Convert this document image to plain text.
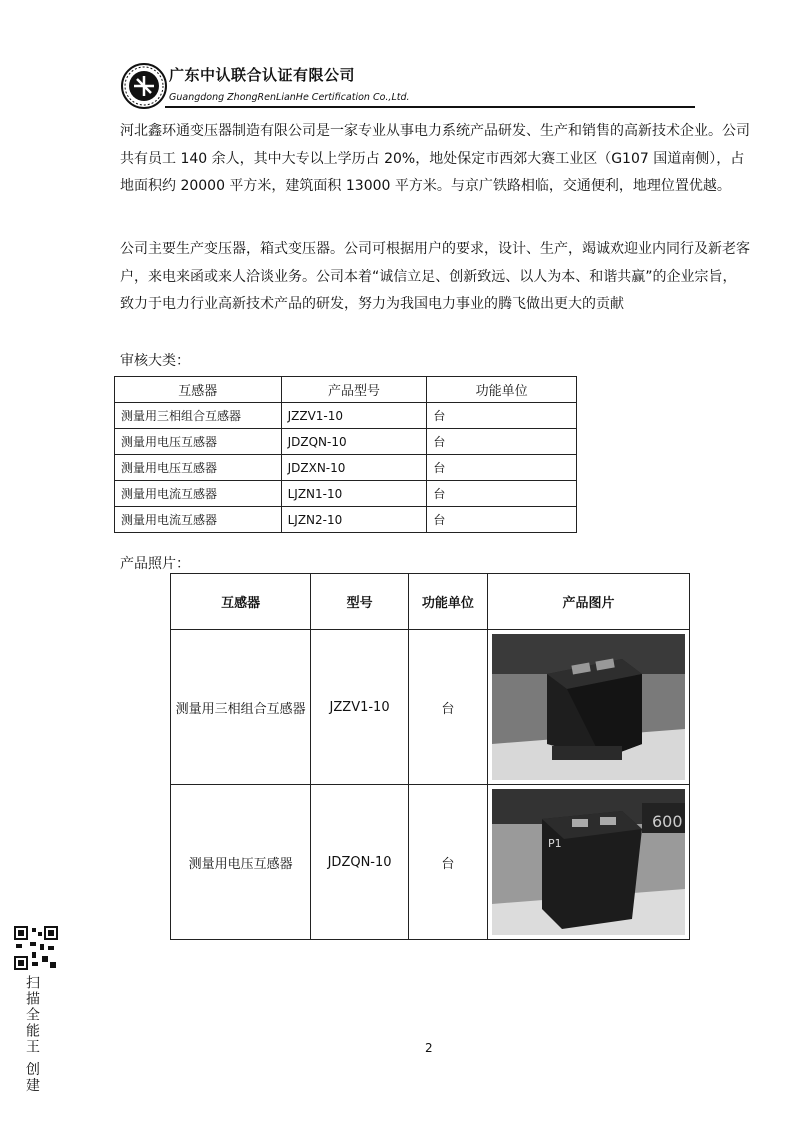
广东中认联合认证有限公司
Guangdong ZhongRenLianHe Certification Co.,Ltd.

河北鑫环通变压器制造有限公司是一家专业从事电力系统产品研发、生产和销售的高新技术企业。公司共有员工 140 余人，其中大专以上学历占 20%，地处保定市西郊大赛工业区（G107 国道南侧），占地面积约 20000 平方米，建筑面积 13000 平方米。与京广铁路相临，交通便利，地理位置优越。

公司主要生产变压器，箱式变压器。公司可根据用户的要求，设计、生产，竭诚欢迎业内同行及新老客户，来电来函或来人洽谈业务。公司本着“诚信立足、创新致远、以人为本、和谐共赢”的企业宗旨，致力于电力行业高新技术产品的研发，努力为我国电力事业的腾飞做出更大的贡献

审核大类：
互感器	产品型号	功能单位
测量用三相组合互感器	JZZV1-10	台
测量用电压互感器	JDZQN-10	台
测量用电压互感器	JDZXN-10	台
测量用电流互感器	LJZN1-10	台
测量用电流互感器	LJZN2-10	台
产品照片：
互感器	型号	功能单位	产品图片
测量用三相组合互感器	JZZV1-10	台	

测量用电压互感器	JDZQN-10	台	600
P1
2
扫描全能王 创建
